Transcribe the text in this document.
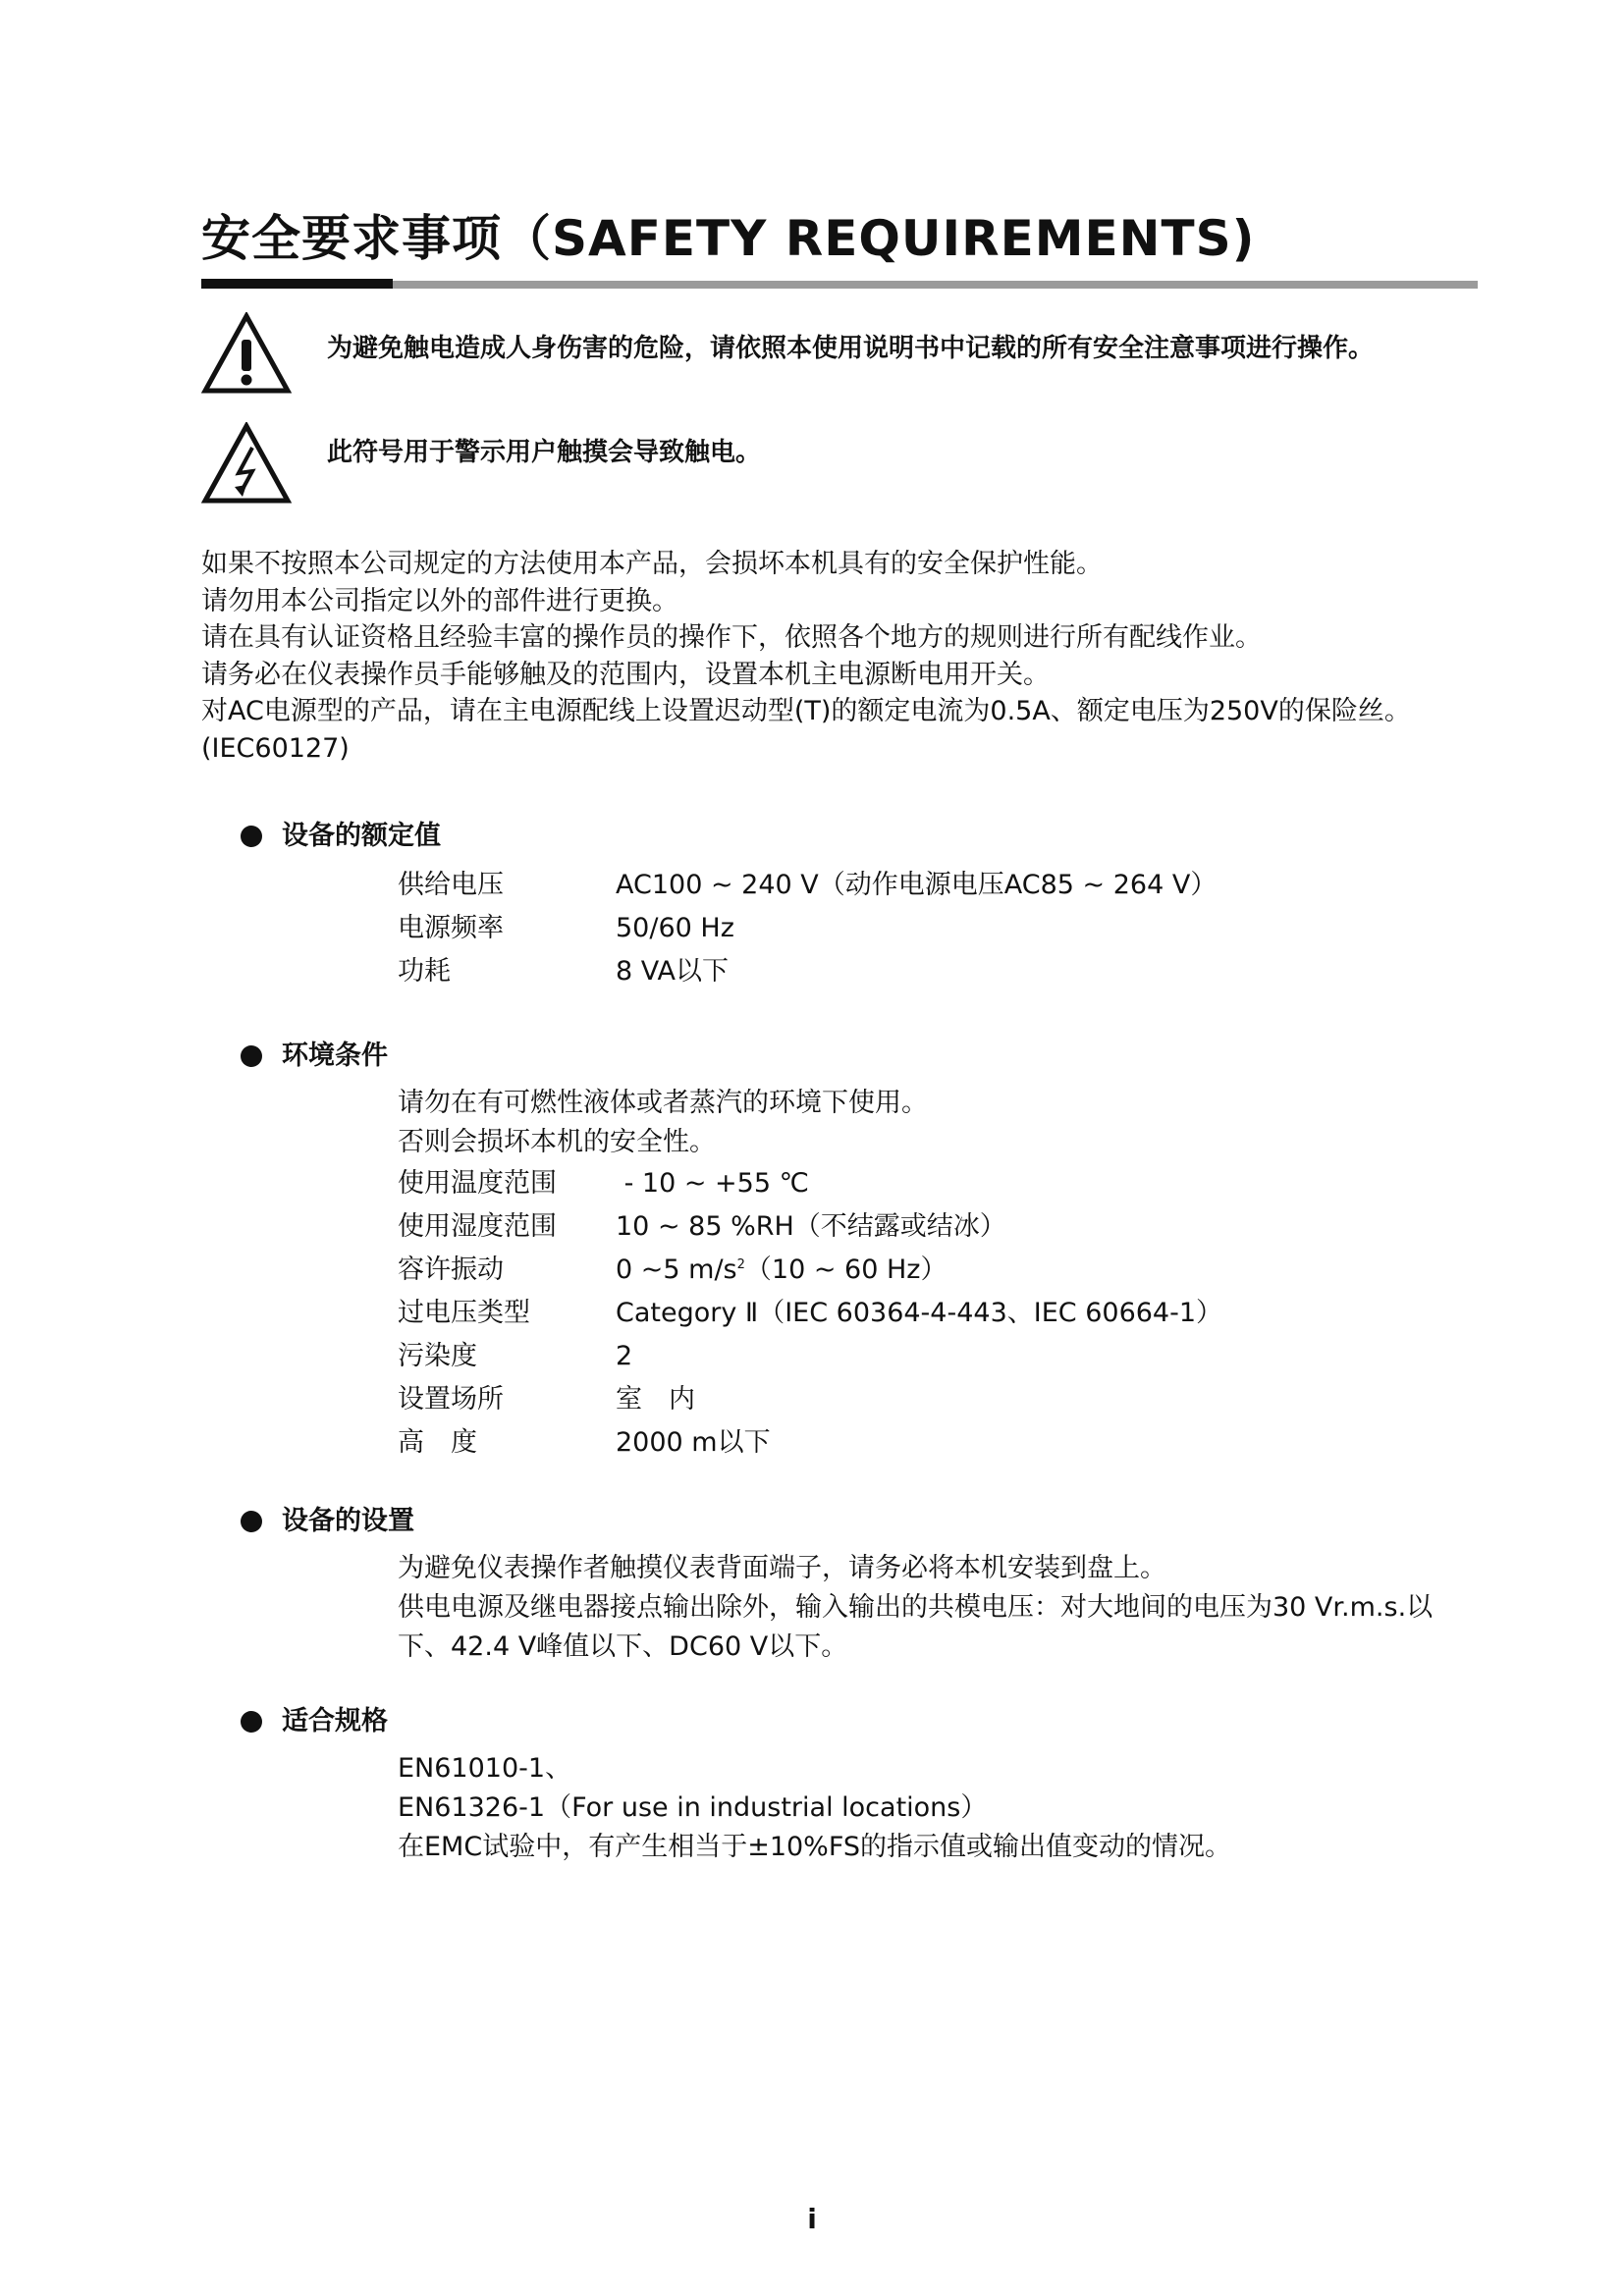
安全要求事项（SAFETY REQUIREMENTS)
为避免触电造成人身伤害的危险，请依照本使用说明书中记载的所有安全注意事项进行操作。
此符号用于警示用户触摸会导致触电。
如果不按照本公司规定的方法使用本产品，会损坏本机具有的安全保护性能。
请勿用本公司指定以外的部件进行更换。
请在具有认证资格且经验丰富的操作员的操作下，依照各个地方的规则进行所有配线作业。
请务必在仪表操作员手能够触及的范围内，设置本机主电源断电用开关。
对AC电源型的产品，请在主电源配线上设置迟动型(T)的额定电流为0.5A、额定电压为250V的保险丝。
(IEC60127)
设备的额定值
供给电压	AC100 ~ 240 V（动作电源电压AC85 ~ 264 V）
电源频率	50/60 Hz
功耗	8 VA以下
环境条件
请勿在有可燃性液体或者蒸汽的环境下使用。
否则会损坏本机的安全性。
使用温度范围 - 10 ~ +55 ℃
使用湿度范围 10 ~ 85 %RH（不结露或结冰）
容许振动	0 ~5 $m/s^2(10$ ~ 60 Hz）
过电压类型	Category Ⅱ（IEC 60364-4-443、IEC 60664-1）
污染度	2
设置场所	室　内
高　度	2000 m以下
设备的设置
为避免仪表操作者触摸仪表背面端子，请务必将本机安装到盘上。
供电电源及继电器接点输出除外，输入输出的共模电压：对大地间的电压为30 Vr.m.s.以
下、42.4 V峰值以下、DC60 V以下。
适合规格
EN61010-1、
EN61326-1（For use in industrial locations）
在EMC试验中，有产生相当于±10%FS的指示值或输出值变动的情况。
i
